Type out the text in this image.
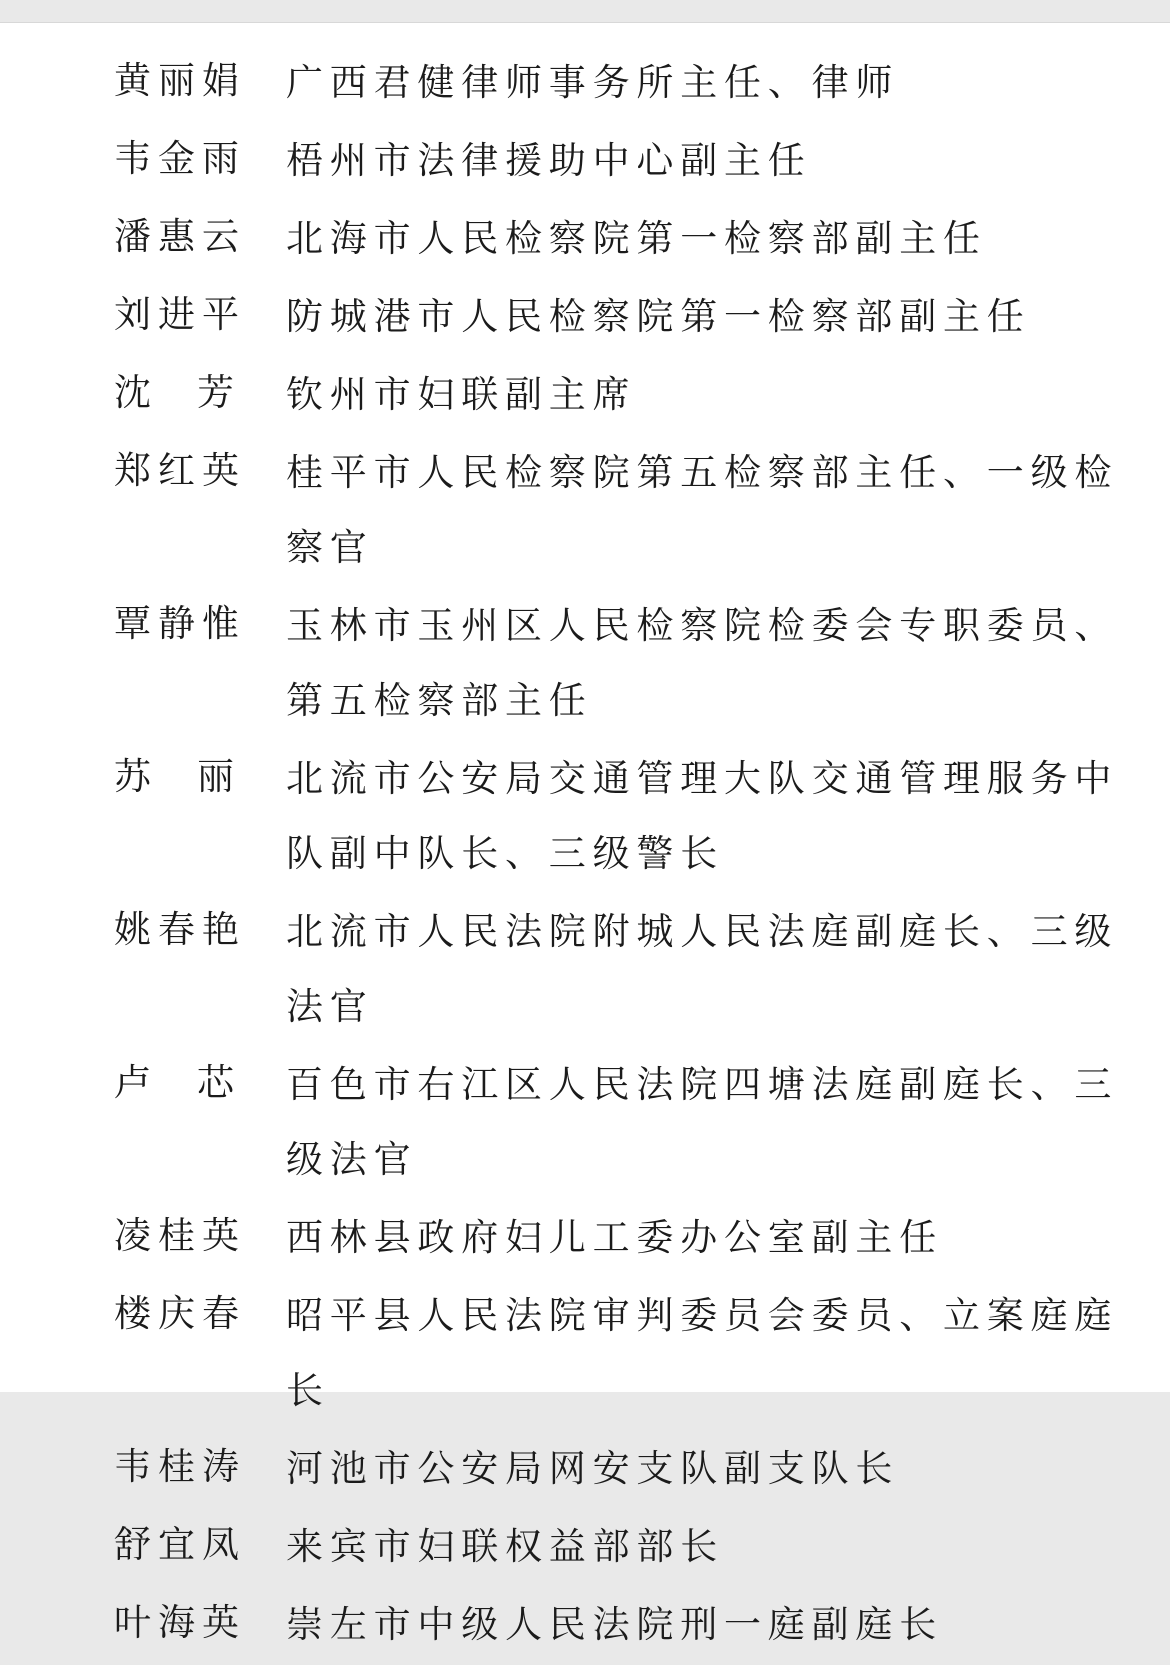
黄丽娟	广西君健律师事务所主任、律师
韦金雨	梧州市法律援助中心副主任
潘惠云	北海市人民检察院第一检察部副主任
刘进平	防城港市人民检察院第一检察部副主任
沈芳 钦州市妇联副主席
郑红英	桂平市人民检察院第五检察部主任、一级检察官
覃静惟	玉林市玉州区人民检察院检委会专职委员、第五检察部主任
苏丽 北流市公安局交通管理大队交通管理服务中队副中队长、三级警长
姚春艳	北流市人民法院附城人民法庭副庭长、三级法官
卢芯 百色市右江区人民法院四塘法庭副庭长、三级法官
凌桂英	西林县政府妇儿工委办公室副主任
楼庆春	昭平县人民法院审判委员会委员、立案庭庭长
韦桂涛	河池市公安局网安支队副支队长
舒宜凤	来宾市妇联权益部部长
叶海英	崇左市中级人民法院刑一庭副庭长
